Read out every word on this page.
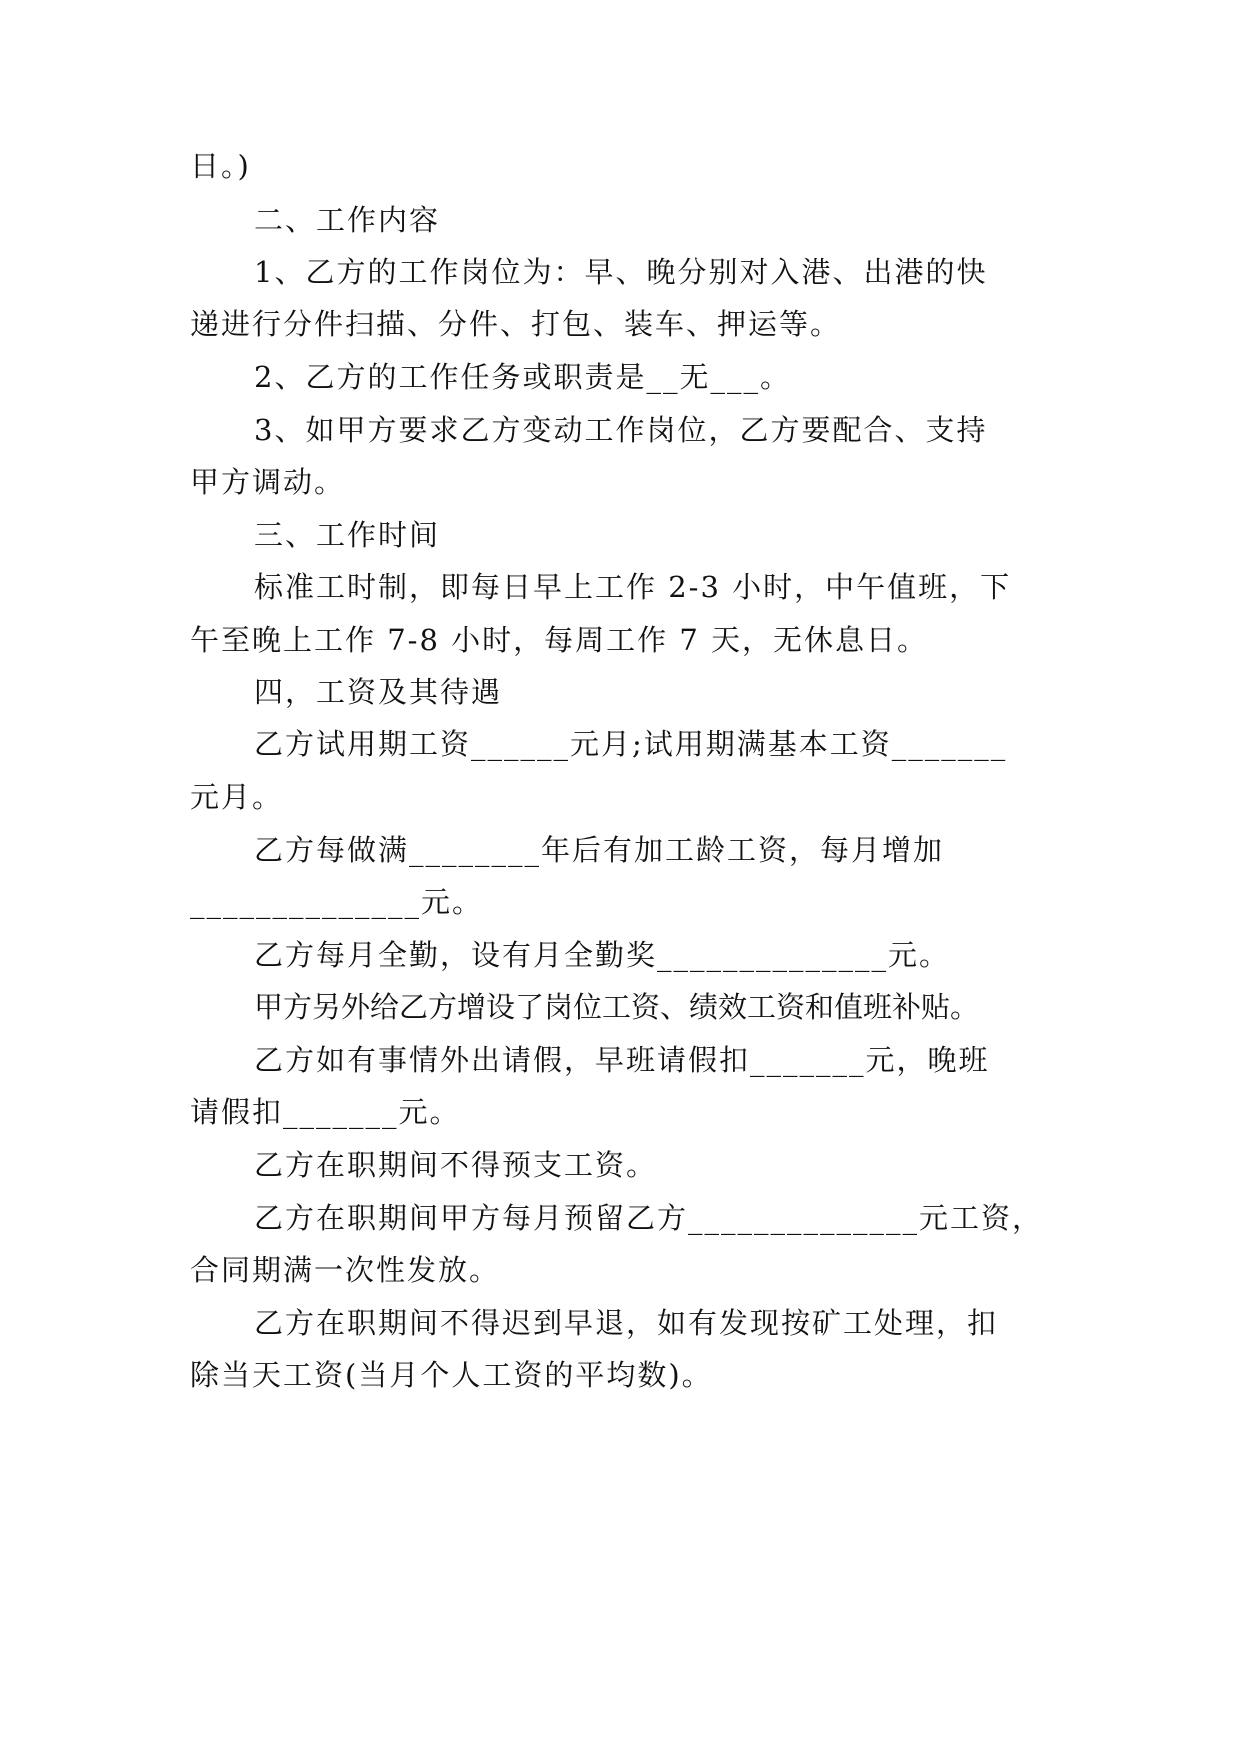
日。)
二、工作内容
1、乙方的工作岗位为：早、晚分别对入港、出港的快
递进行分件扫描、分件、打包、装车、押运等。
2、乙方的工作任务或职责是__无___。
3、如甲方要求乙方变动工作岗位，乙方要配合、支持
甲方调动。
三、工作时间
标准工时制，即每日早上工作 2-3 小时，中午值班，下
午至晚上工作 7-8 小时，每周工作 7 天，无休息日。
四，工资及其待遇
乙方试用期工资______元月;试用期满基本工资_______
元月。
乙方每做满________年后有加工龄工资，每月增加
______________元。
乙方每月全勤，设有月全勤奖______________元。
甲方另外给乙方增设了岗位工资、绩效工资和值班补贴。
乙方如有事情外出请假，早班请假扣_______元，晚班
请假扣_______元。
乙方在职期间不得预支工资。
乙方在职期间甲方每月预留乙方______________元工资，
合同期满一次性发放。
乙方在职期间不得迟到早退，如有发现按矿工处理，扣
除当天工资(当月个人工资的平均数)。
